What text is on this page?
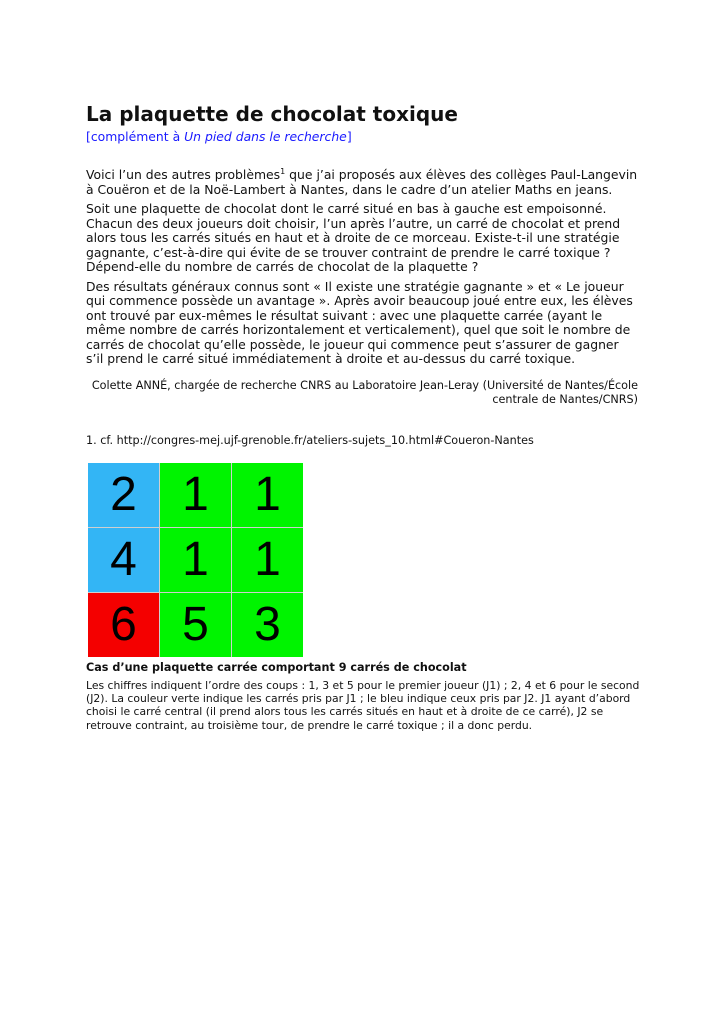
La plaquette de chocolat toxique
[complément à Un pied dans le recherche]

Voici l’un des autres problèmes$^1$ que j’ai proposés aux élèves des collèges Paul-Langevin à Couëron et de la Noë-Lambert à Nantes, dans le cadre d’un atelier Maths en jeans.

Soit une plaquette de chocolat dont le carré situé en bas à gauche est empoisonné. Chacun des deux joueurs doit choisir, l’un après l’autre, un carré de chocolat et prend alors tous les carrés situés en haut et à droite de ce morceau. Existe-t-il une stratégie gagnante, c’est-à-dire qui évite de se trouver contraint de prendre le carré toxique ? Dépend-elle du nombre de carrés de chocolat de la plaquette ?

Des résultats généraux connus sont « Il existe une stratégie gagnante » et « Le joueur qui commence possède un avantage ». Après avoir beaucoup joué entre eux, les élèves ont trouvé par eux-mêmes le résultat suivant : avec une plaquette carrée (ayant le même nombre de carrés horizontalement et verticalement), quel que soit le nombre de carrés de chocolat qu’elle possède, le joueur qui commence peut s’assurer de gagner s’il prend le carré situé immédiatement à droite et au-dessus du carré toxique.

Colette ANNÉ, chargée de recherche CNRS au Laboratoire Jean-Leray (Université de Nantes/École centrale de Nantes/CNRS)
1. cf. http://congres-mej.ujf-grenoble.fr/ateliers-sujets_10.html#Coueron-Nantes
2 1 1
4 1 1
6 5 3

Cas d’une plaquette carrée comportant 9 carrés de chocolat

Les chiffres indiquent l’ordre des coups : 1, 3 et 5 pour le premier joueur (J1) ; 2, 4 et 6 pour le second (J2). La couleur verte indique les carrés pris par J1 ; le bleu indique ceux pris par J2. J1 ayant d’abord choisi le carré central (il prend alors tous les carrés situés en haut et à droite de ce carré), J2 se retrouve contraint, au troisième tour, de prendre le carré toxique ; il a donc perdu.
